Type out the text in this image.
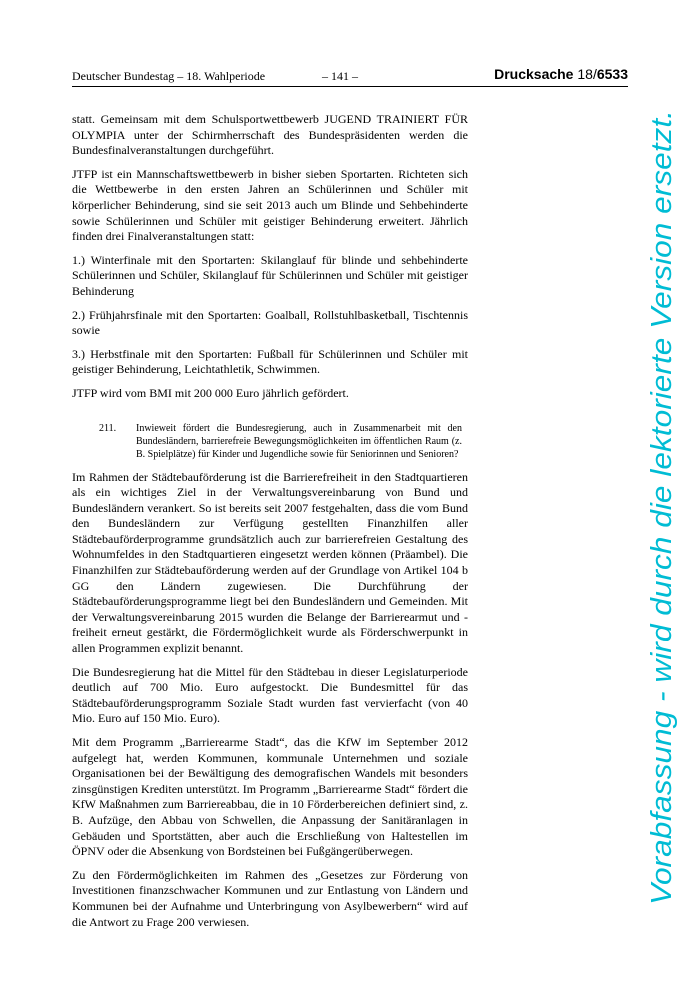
Deutscher Bundestag – 18. Wahlperiode	– 141 –	Drucksache 18/6533

statt. Gemeinsam mit dem Schulsportwettbewerb JUGEND TRAINIERT FÜR OLYMPIA unter der Schirmherrschaft des Bundespräsidenten werden die Bundesfinalveranstaltungen durchgeführt.

JTFP ist ein Mannschaftswettbewerb in bisher sieben Sportarten. Richteten sich die Wettbewerbe in den ersten Jahren an Schülerinnen und Schüler mit körperlicher Behinderung, sind sie seit 2013 auch um Blinde und Sehbehinderte sowie Schülerinnen und Schüler mit geistiger Behinderung erweitert. Jährlich finden drei Finalveranstaltungen statt:

1.) Winterfinale mit den Sportarten: Skilanglauf für blinde und sehbehinderte Schülerinnen und Schüler, Skilanglauf für Schülerinnen und Schüler mit geistiger Behinderung

2.) Frühjahrsfinale mit den Sportarten: Goalball, Rollstuhlbasketball, Tischtennis sowie

3.) Herbstfinale mit den Sportarten: Fußball für Schülerinnen und Schüler mit geistiger Behinderung, Leichtathletik, Schwimmen.

JTFP wird vom BMI mit 200 000 Euro jährlich gefördert.

211.	Inwieweit fördert die Bundesregierung, auch in Zusammenarbeit mit den Bundesländern, barrierefreie Bewegungsmöglichkeiten im öffentlichen Raum (z. B. Spielplätze) für Kinder und Jugendliche sowie für Seniorinnen und Senioren?

Im Rahmen der Städtebauförderung ist die Barrierefreiheit in den Stadtquartieren als ein wichtiges Ziel in der Verwaltungsvereinbarung von Bund und Bundesländern verankert. So ist bereits seit 2007 festgehalten, dass die vom Bund den Bundesländern zur Verfügung gestellten Finanzhilfen aller Städtebauförderprogramme grundsätzlich auch zur barrierefreien Gestaltung des Wohnumfeldes in den Stadtquartieren eingesetzt werden können (Präambel). Die Finanzhilfen zur Städtebauförderung werden auf der Grundlage von Artikel 104 b GG den Ländern zugewiesen. Die Durchführung der Städtebauförderungsprogramme liegt bei den Bundesländern und Gemeinden. Mit der Verwaltungsvereinbarung 2015 wurden die Belange der Barrierearmut und -freiheit erneut gestärkt, die Fördermöglichkeit wurde als Förderschwerpunkt in allen Programmen explizit benannt.

Die Bundesregierung hat die Mittel für den Städtebau in dieser Legislaturperiode deutlich auf 700 Mio. Euro aufgestockt. Die Bundesmittel für das Städtebauförderungsprogramm Soziale Stadt wurden fast vervierfacht (von 40 Mio. Euro auf 150 Mio. Euro).

Mit dem Programm „Barrierearme Stadt“, das die KfW im September 2012 aufgelegt hat, werden Kommunen, kommunale Unternehmen und soziale Organisationen bei der Bewältigung des demografischen Wandels mit besonders zinsgünstigen Krediten unterstützt. Im Programm „Barrierearme Stadt“ fördert die KfW Maßnahmen zum Barriereabbau, die in 10 Förderbereichen definiert sind, z. B. Aufzüge, den Abbau von Schwellen, die Anpassung der Sanitäranlagen in Gebäuden und Sportstätten, aber auch die Erschließung von Haltestellen im ÖPNV oder die Absenkung von Bordsteinen bei Fußgängerüberwegen.

Zu den Fördermöglichkeiten im Rahmen des „Gesetzes zur Förderung von Investitionen finanzschwacher Kommunen und zur Entlastung von Ländern und Kommunen bei der Aufnahme und Unterbringung von Asylbewerbern“ wird auf die Antwort zu Frage 200 verwiesen.

Vorabfassung - wird durch die lektorierte Version ersetzt.
